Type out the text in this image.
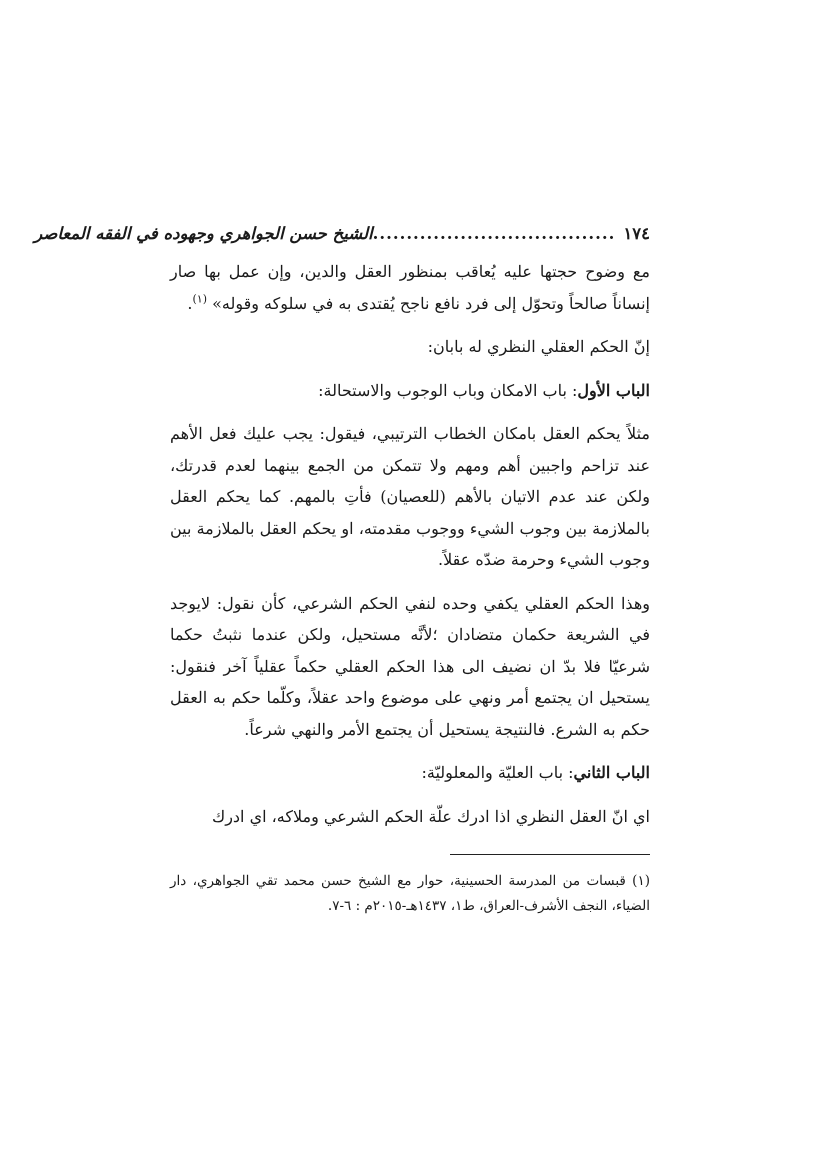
١٧٤
....................................
الشيخ حسن الجواهري وجهوده في الفقه المعاصر

مع وضوح حجتها عليه يُعاقب بمنظور العقل والدين، وإن عمل بها صار إنساناً صالحاً وتحوّل إلى فرد نافع ناجح يُقتدى به في سلوكه وقوله» $^{(١)}$.

إنّ الحكم العقلي النظري له بابان:

الباب الأول: باب الامكان وباب الوجوب والاستحالة:

مثلاً يحكم العقل بامكان الخطاب الترتيبي، فيقول: يجب عليك فعل الأهم عند تزاحم واجبين أهم ومهم ولا تتمكن من الجمع بينهما لعدم قدرتك، ولكن عند عدم الاتيان بالأهم (للعصيان) فأتِ بالمهم. كما يحكم العقل بالملازمة بين وجوب الشيء ووجوب مقدمته، او يحكم العقل بالملازمة بين وجوب الشيء وحرمة ضدّه عقلاً.

وهذا الحكم العقلي يكفي وحده لنفي الحكم الشرعي، كأن نقول: لايوجد في الشريعة حكمان متضادان ؛لأنَّه مستحيل، ولكن عندما نثبتُ حكما شرعيّا فلا بدّ ان نضيف الى هذا الحكم العقلي حكماً عقلياً آخر فنقول: يستحيل ان يجتمع أمر ونهي على موضوع واحد عقلاً، وكلّما حكم به العقل حكم به الشرع. فالنتيجة يستحيل أن يجتمع الأمر والنهي شرعاً.

الباب الثاني: باب العليّة والمعلوليّة:

اي انّ العقل النظري اذا ادرك علّة الحكم الشرعي وملاكه، اي ادرك

(١) قبسات من المدرسة الحسينية، حوار مع الشيخ حسن محمد تقي الجواهري، دار الضياء، النجف الأشرف-العراق، ط١، ١٤٣٧هـ-٢٠١٥م : ٦-٧.
